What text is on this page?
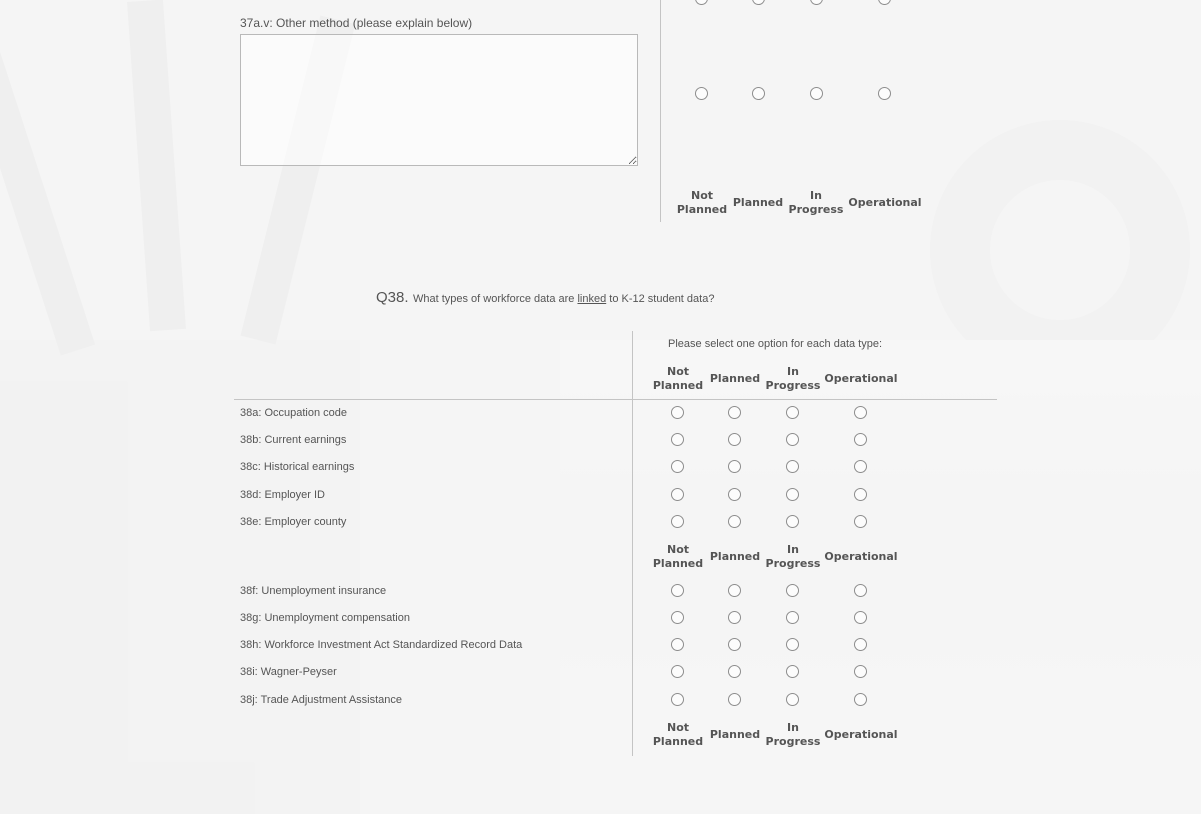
37a.v: Other method (please explain below)
Not Planned
Planned
In Progress
Operational
Q38. What types of workforce data are linked to K-12 student data?
Please select one option for each data type:
Not Planned
Planned
In Progress
Operational
Not Planned
Planned
In Progress
Operational
Not Planned
Planned
In Progress
Operational
38a: Occupation code
38b: Current earnings
38c: Historical earnings
38d: Employer ID
38e: Employer county
38f: Unemployment insurance
38g: Unemployment compensation
38h: Workforce Investment Act Standardized Record Data
38i: Wagner-Peyser
38j: Trade Adjustment Assistance
